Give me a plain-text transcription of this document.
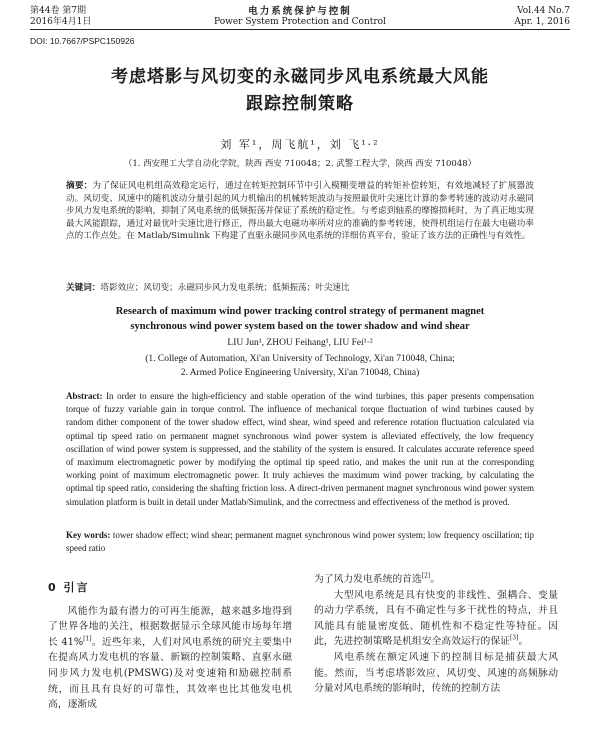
第44卷 第7期
2016年4月1日
电力系统保护与控制
Power System Protection and Control
Vol.44 No.7
Apr. 1, 2016
DOI: 10.7667/PSPC150926
考虑塔影与风切变的永磁同步风电系统最大风能
跟踪控制策略
刘 军¹，周飞航¹，刘 飞¹·²
（1. 西安理工大学自动化学院，陕西 西安 710048；2. 武警工程大学，陕西 西安 710048）
摘要：为了保证风电机组高效稳定运行，通过在转矩控制环节中引入模糊变增益的转矩补偿转矩，有效地减轻了扩展器波动。风切变、风速中的随机波动分量引起的风力机输出的机械转矩波动与按照最优叶尖速比计算的参考转速的波动对永磁同步风力发电系统的影响，抑制了风电系统的低频振荡并保证了系统的稳定性。与考虑到轴系的摩擦损耗时，为了真正地实现最大风能跟踪，通过对最优叶尖速比进行修正，得出最大电磁功率所对应的准确的参考转速，使得机组运行在最大电磁功率点的工作点处。在 Matlab/Simulink 下构建了直驱永磁同步风电系统的详细仿真平台，验证了该方法的正确性与有效性。
关键词：塔影效应；风切变；永磁同步风力发电系统；低频振荡；叶尖速比
Research of maximum wind power tracking control strategy of permanent magnet
synchronous wind power system based on the tower shadow and wind shear
LIU Jun¹, ZHOU Feihang¹, LIU Fei¹·²
(1. College of Automation, Xi'an University of Technology, Xi'an 710048, China;
2. Armed Police Engineering University, Xi'an 710048, China)
Abstract: In order to ensure the high-efficiency and stable operation of the wind turbines, this paper presents compensation torque of fuzzy variable gain in torque control. The influence of mechanical torque fluctuation of wind turbines caused by random dither component of the tower shadow effect, wind shear, wind speed and reference rotation fluctuation calculated via optimal tip speed ratio on permanent magnet synchronous wind power system is alleviated effectively, the low frequency oscillation of wind power system is suppressed, and the stability of the system is ensured. It calculates accurate reference speed of maximum electromagnetic power by modifying the optimal tip speed ratio, and makes the unit run at the corresponding working point of maximum electromagnetic power. It truly achieves the maximum wind power tracking, by calculating the optimal tip speed ratio, considering the shafting friction loss. A direct-driven permanent magnet synchronous wind power system simulation platform is built in detail under Matlab/Simulink, and the correctness and effectiveness of the method is proved.
Key words: tower shadow effect; wind shear; permanent magnet synchronous wind power system; low frequency oscillation; tip speed ratio
0 引言

风能作为最有潜力的可再生能源，越来越多地得到了世界各地的关注，根据数据显示全球风能市场每年增长 41%[1]。近些年来，人们对风电系统的研究主要集中在提高风力发电机的容量、新颖的控制策略、直驱永磁同步风力发电机(PMSWG)及对变速箱和励磁控制系统，而且具有良好的可靠性，其效率也比其他发电机高，逐渐成

为了风力发电系统的首选[2]。

大型风电系统是具有快变的非线性、强耦合、变量的动力学系统，具有不确定性与多干扰性的特点，并且风能具有能量密度低、随机性和不稳定性等特征。因此，先进控制策略是机组安全高效运行的保证[3]。

风电系统在额定风速下的控制目标是捕获最大风能。然而，当考虑塔影效应、风切变、风速的高频脉动分量对风电系统的影响时，传统的控制方法
